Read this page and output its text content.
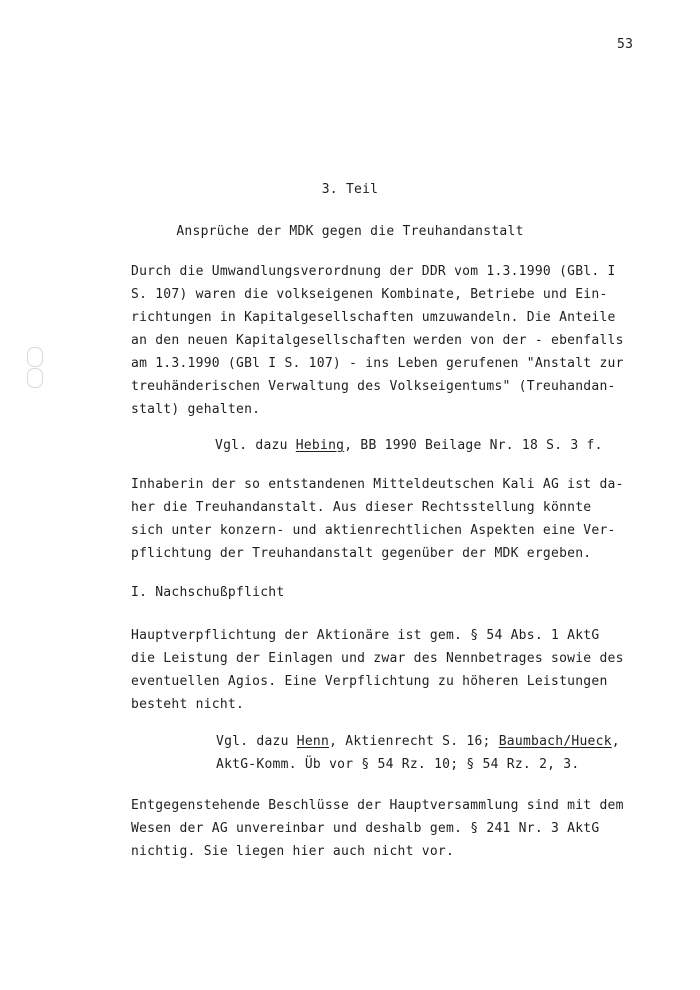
53
3. Teil
Ansprüche der MDK gegen die Treuhandanstalt
Durch die Umwandlungsverordnung der DDR vom 1.3.1990 (GBl. I
S. 107) waren die volkseigenen Kombinate, Betriebe und Ein-
richtungen in Kapitalgesellschaften umzuwandeln. Die Anteile
an den neuen Kapitalgesellschaften werden von der - ebenfalls
am 1.3.1990 (GBl I S. 107) - ins Leben gerufenen "Anstalt zur
treuhänderischen Verwaltung des Volkseigentums" (Treuhandan-
stalt) gehalten.
Vgl. dazu Hebing, BB 1990 Beilage Nr. 18 S. 3 f.
Inhaberin der so entstandenen Mitteldeutschen Kali AG ist da-
her die Treuhandanstalt. Aus dieser Rechtsstellung könnte
sich unter konzern- und aktienrechtlichen Aspekten eine Ver-
pflichtung der Treuhandanstalt gegenüber der MDK ergeben.
I. Nachschußpflicht
Hauptverpflichtung der Aktionäre ist gem. § 54 Abs. 1 AktG
die Leistung der Einlagen und zwar des Nennbetrages sowie des
eventuellen Agios. Eine Verpflichtung zu höheren Leistungen
besteht nicht.
Vgl. dazu Henn, Aktienrecht S. 16; Baumbach/Hueck,
AktG-Komm. Üb vor § 54 Rz. 10; § 54 Rz. 2, 3.
Entgegenstehende Beschlüsse der Hauptversammlung sind mit dem
Wesen der AG unvereinbar und deshalb gem. § 241 Nr. 3 AktG
nichtig. Sie liegen hier auch nicht vor.
